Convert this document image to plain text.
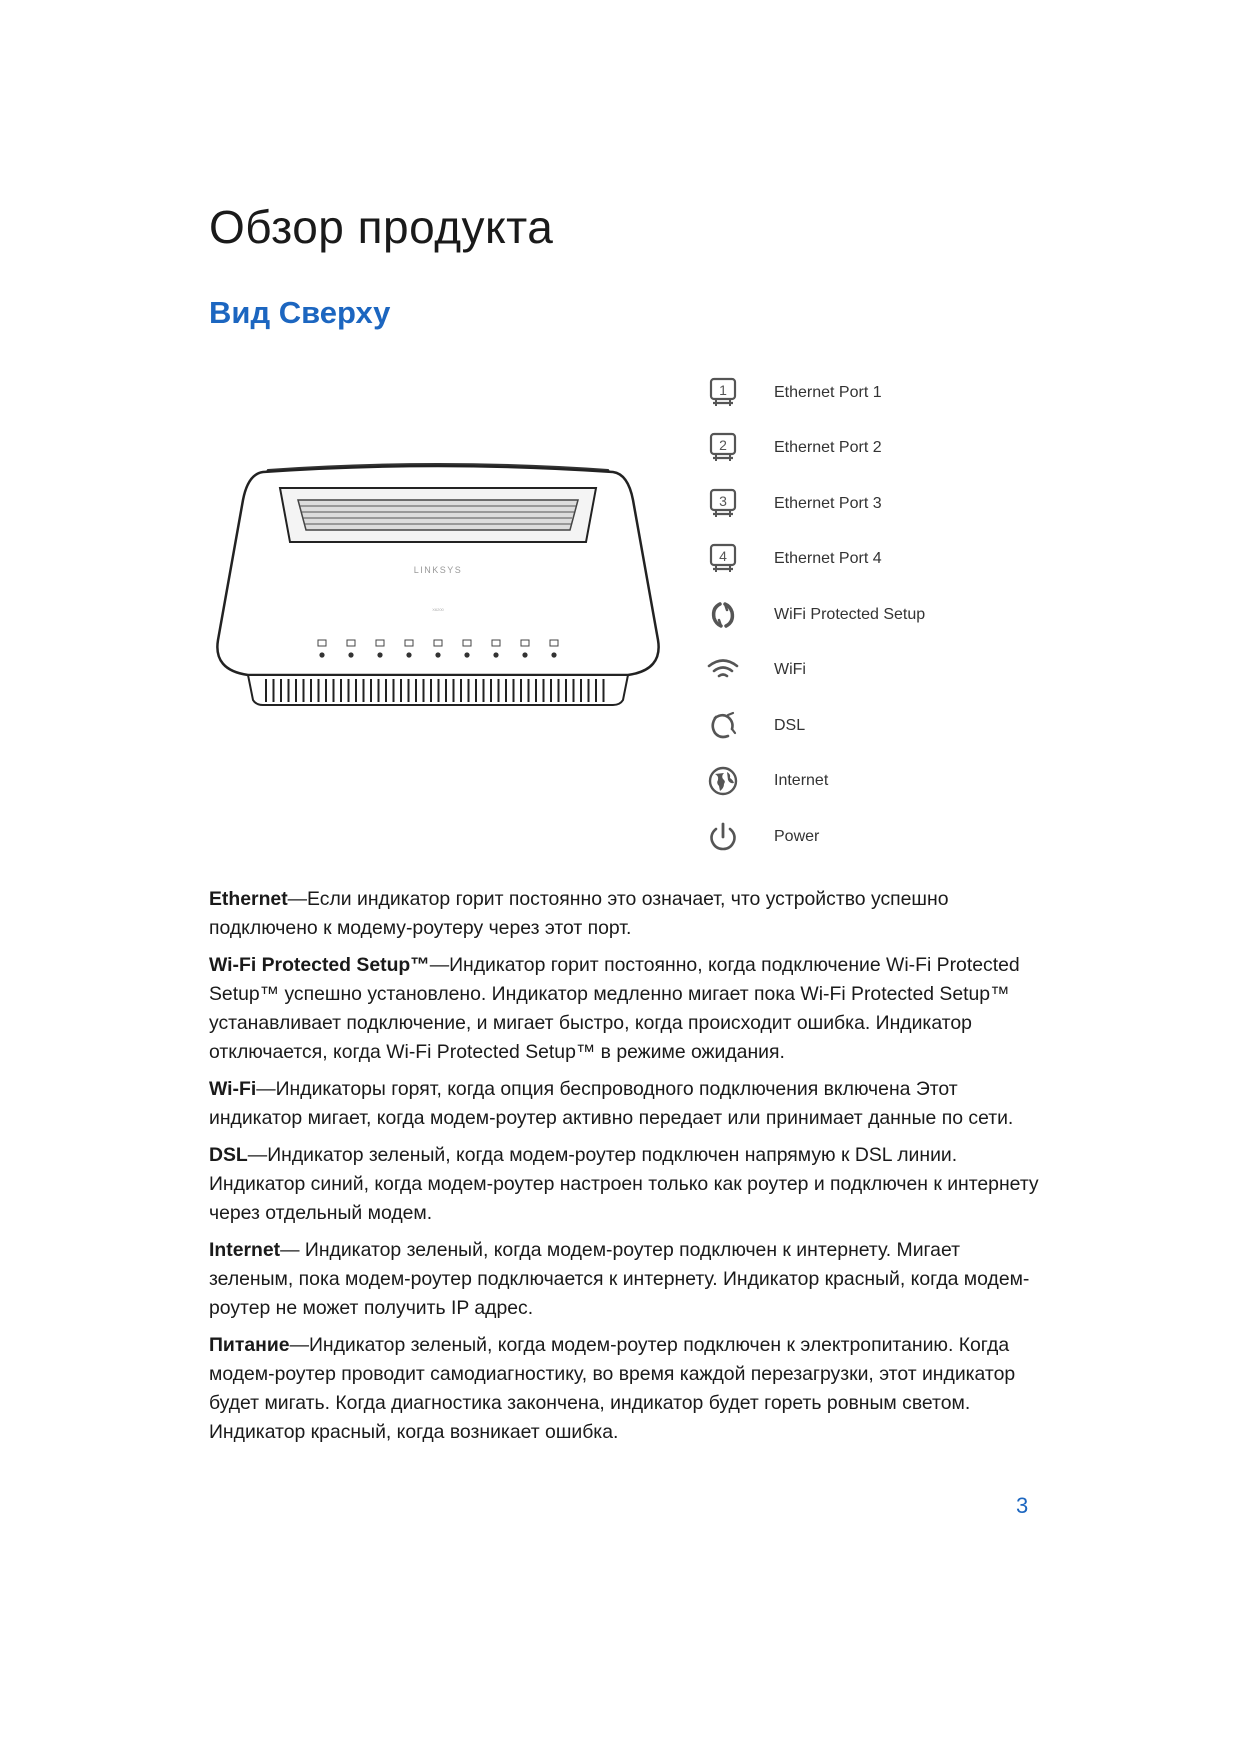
Обзор продукта
Вид Сверху
LINKSYS
X6200
1	Ethernet Port 1
2	Ethernet Port 2
3	Ethernet Port 3
4	Ethernet Port 4
WiFi Protected Setup
WiFi
DSL
Internet
Power

Ethernet—Если индикатор горит постоянно это означает, что устройство успешно подключено к модему-роутеру через этот порт.

Wi-Fi Protected Setup™—Индикатор горит постоянно, когда подключение Wi-Fi Protected Setup™ успешно установлено. Индикатор медленно мигает пока Wi-Fi Protected Setup™ устанавливает подключение, и мигает быстро, когда происходит ошибка. Индикатор отключается, когда Wi-Fi Protected Setup™ в режиме ожидания.

Wi-Fi—Индикаторы горят, когда опция беспроводного подключения включена Этот индикатор мигает, когда модем-роутер активно передает или принимает данные по сети.

DSL—Индикатор зеленый, когда модем-роутер подключен напрямую к DSL линии. Индикатор синий, когда модем-роутер настроен только как роутер и подключен к интернету через отдельный модем.

Internet— Индикатор зеленый, когда модем-роутер подключен к интернету. Мигает зеленым, пока модем-роутер подключается к интернету. Индикатор красный, когда модем-роутер не может получить IP адрес.

Питание—Индикатор зеленый, когда модем-роутер подключен к электропитанию. Когда модем-роутер проводит самодиагностику, во время каждой перезагрузки, этот индикатор будет мигать. Когда диагностика закончена, индикатор будет гореть ровным светом. Индикатор красный, когда возникает ошибка.

3
